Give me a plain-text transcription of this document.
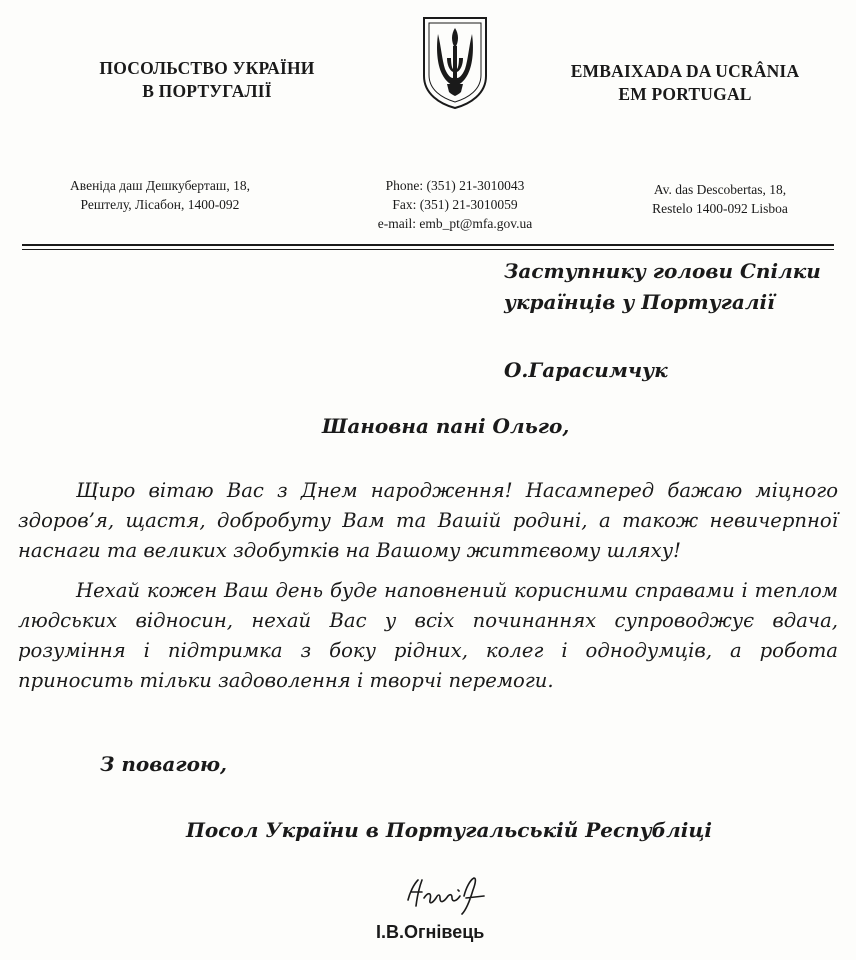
ПОСОЛЬСТВО УКРАЇНИ
В ПОРТУГАЛІЇ
EMBAIXADA DA UCRÂNIA
EM PORTUGAL
Авеніда даш Дешкуберташ, 18,
Рештелу, Лісабон, 1400-092
Phone: (351) 21-3010043
Fax: (351) 21-3010059
e-mail: emb_pt@mfa.gov.ua
Av. das Descobertas, 18,
Restelo 1400-092 Lisboa
Заступнику голови Спілки
українців у Португалії
О.Гарасимчук
Шановна пані Ольго,

Щиро вітаю Вас з Днем народження! Насамперед бажаю міцного здоров’я, щастя, добробуту Вам та Вашій родині, а також невичерпної наснаги та великих здобутків на Вашому життєвому шляху!

Нехай кожен Ваш день буде наповнений корисними справами і теплом людських відносин, нехай Вас у всіх починаннях супроводжує вдача, розуміння і підтримка з боку рідних, колег і однодумців, а робота приносить тільки задоволення і творчі перемоги.

З повагою,
Посол України в Португальській Республіці
І.В.Огнівець
